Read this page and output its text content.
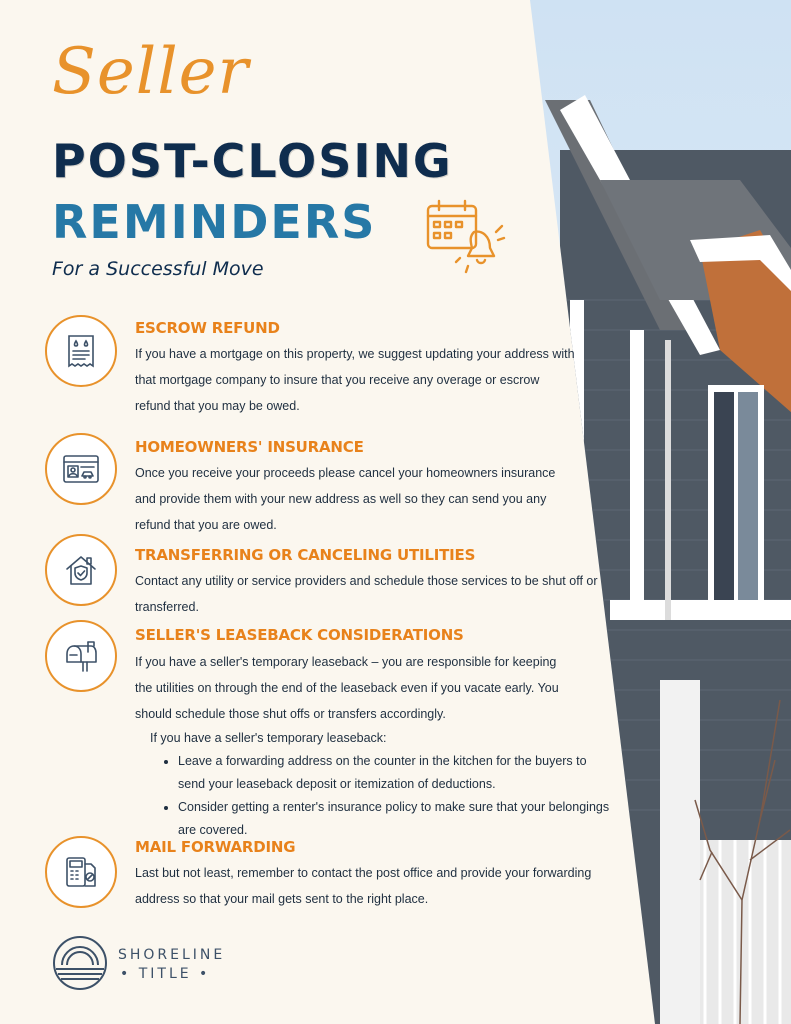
Seller
POST-CLOSING
REMINDERS
For a Successful Move
ESCROW REFUND
If you have a mortgage on this property, we suggest updating your address with that mortgage company to insure that you receive any overage or escrow refund that you may be owed.
HOMEOWNERS' INSURANCE
Once you receive your proceeds please cancel your homeowners insurance and provide them with your new address as well so they can send you any refund that you are owed.
TRANSFERRING OR CANCELING UTILITIES
Contact any utility or service providers and schedule those services to be shut off or transferred.
SELLER'S LEASEBACK CONSIDERATIONS
If you have a seller's temporary leaseback – you are responsible for keeping the utilities on through the end of the leaseback even if you vacate early. You should schedule those shut offs or transfers accordingly.
If you have a seller's temporary leaseback:
• Leave a forwarding address on the counter in the kitchen for the buyers to send your leaseback deposit or itemization of deductions.
• Consider getting a renter's insurance policy to make sure that your belongings are covered.
MAIL FORWARDING
Last but not least, remember to contact the post office and provide your forwarding address so that your mail gets sent to the right place.
SHORELINE
• TITLE •
